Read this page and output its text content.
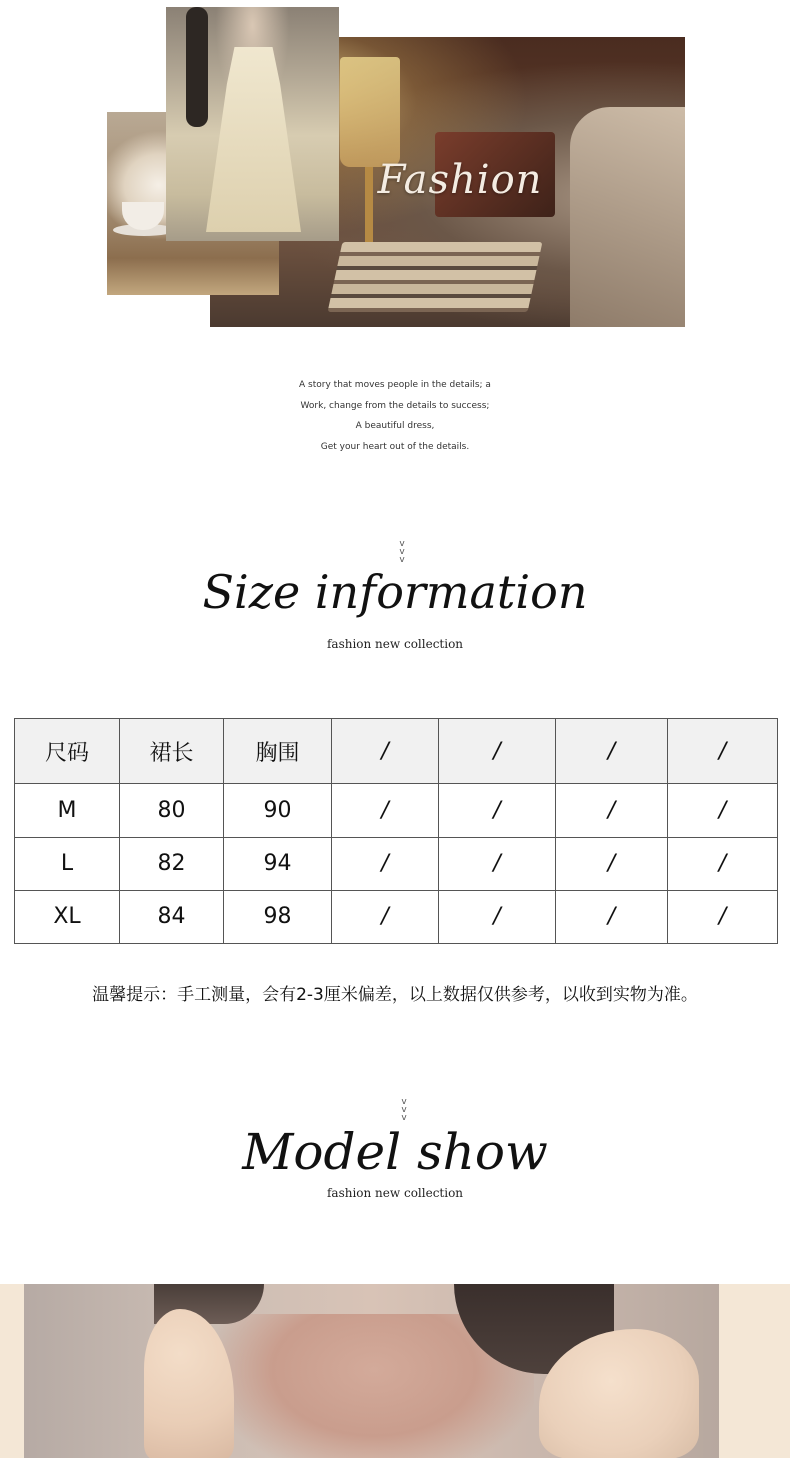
Fashion
A story that moves people in the details; a
Work, change from the details to success;
A beautiful dress,
Get your heart out of the details.
v
v
v
Size information
fashion new collection
尺码	裙长	胸围	/	/	/	/
M	80	90	/	/	/	/
L	82	94	/	/	/	/
XL	84	98	/	/	/	/
温馨提示：手工测量，会有2-3厘米偏差，以上数据仅供参考，以收到实物为准。
v
v
v
Model show
fashion new collection
